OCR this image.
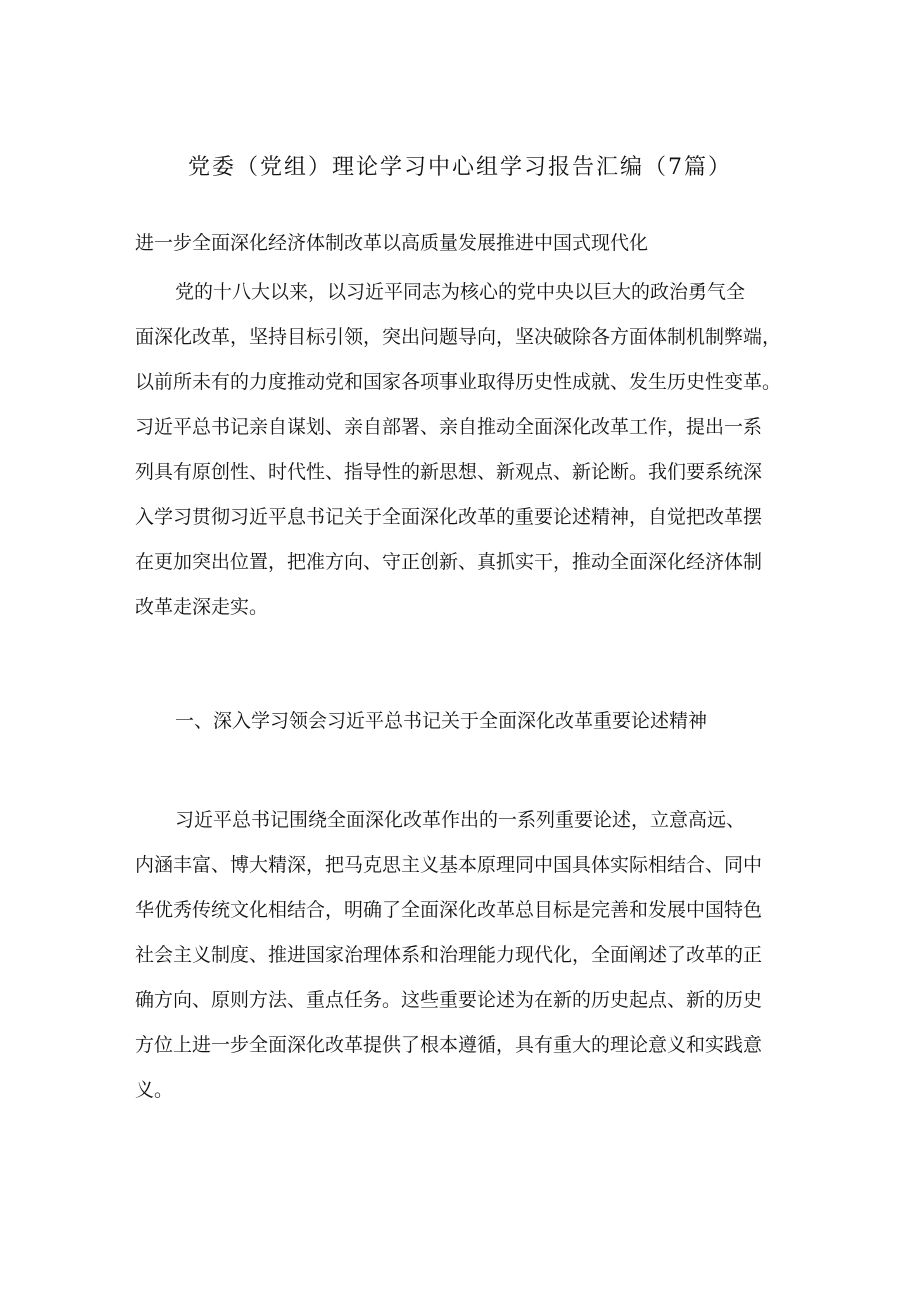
党委（党组）理论学习中心组学习报告汇编（7篇）

进一步全面深化经济体制改革以高质量发展推进中国式现代化

党的十八大以来，以习近平同志为核心的党中央以巨大的政治勇气全
面深化改革，坚持目标引领，突出问题导向，坚决破除各方面体制机制弊端，
以前所未有的力度推动党和国家各项事业取得历史性成就、发生历史性变革。
习近平总书记亲自谋划、亲自部署、亲自推动全面深化改革工作，提出一系
列具有原创性、时代性、指导性的新思想、新观点、新论断。我们要系统深
入学习贯彻习近平息书记关于全面深化改革的重要论述精神，自觉把改革摆
在更加突出位置，把准方向、守正创新、真抓实干，推动全面深化经济体制
改革走深走实。
一、深入学习领会习近平总书记关于全面深化改革重要论述精神
习近平总书记围绕全面深化改革作出的一系列重要论述，立意高远、
内涵丰富、博大精深，把马克思主义基本原理同中国具体实际相结合、同中
华优秀传统文化相结合，明确了全面深化改革总目标是完善和发展中国特色
社会主义制度、推进国家治理体系和治理能力现代化，全面阐述了改革的正
确方向、原则方法、重点任务。这些重要论述为在新的历史起点、新的历史
方位上进一步全面深化改革提供了根本遵循，具有重大的理论意义和实践意
义。
